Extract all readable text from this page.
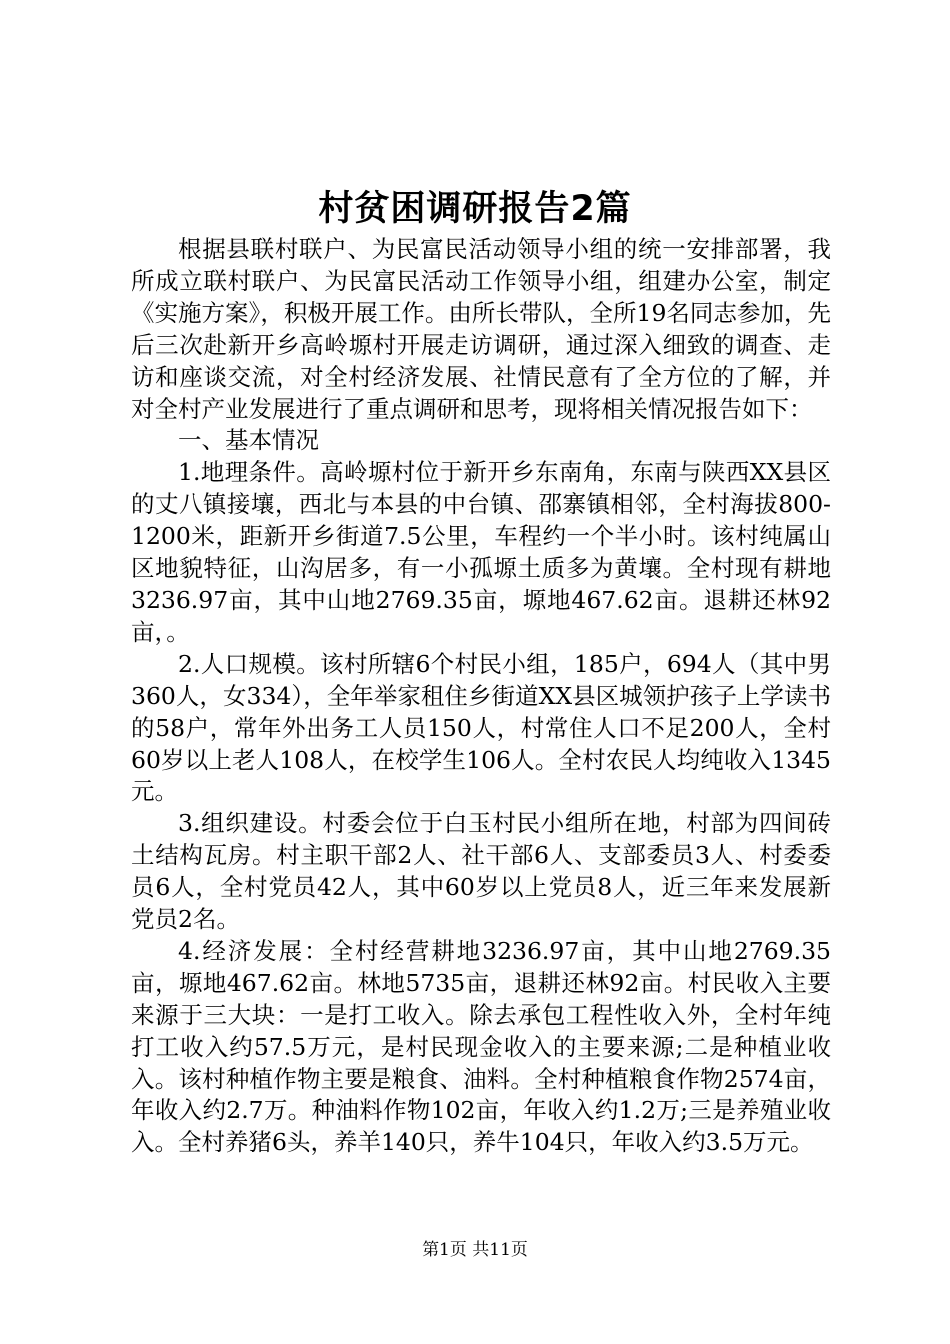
村贫困调研报告2篇

根据县联村联户、为民富民活动领导小组的统一安排部署，我所成立联村联户、为民富民活动工作领导小组，组建办公室，制定《实施方案》，积极开展工作。由所长带队，全所19名同志参加，先后三次赴新开乡高岭塬村开展走访调研，通过深入细致的调查、走访和座谈交流，对全村经济发展、社情民意有了全方位的了解，并对全村产业发展进行了重点调研和思考，现将相关情况报告如下：

一、基本情况

1.地理条件。高岭塬村位于新开乡东南角，东南与陕西XX县区的丈八镇接壤，西北与本县的中台镇、邵寨镇相邻，全村海拔800-1200米，距新开乡街道7.5公里，车程约一个半小时。该村纯属山区地貌特征，山沟居多，有一小孤塬土质多为黄壤。全村现有耕地3236.97亩，其中山地2769.35亩，塬地467.62亩。退耕还林92亩，。

2.人口规模。该村所辖6个村民小组，185户，694人（其中男360人，女334），全年举家租住乡街道XX县区城领护孩子上学读书的58户，常年外出务工人员150人，村常住人口不足200人，全村60岁以上老人108人，在校学生106人。全村农民人均纯收入1345元。

3.组织建设。村委会位于白玉村民小组所在地，村部为四间砖土结构瓦房。村主职干部2人、社干部6人、支部委员3人、村委委员6人，全村党员42人，其中60岁以上党员8人，近三年来发展新党员2名。

4.经济发展：全村经营耕地3236.97亩，其中山地2769.35亩，塬地467.62亩。林地5735亩，退耕还林92亩。村民收入主要来源于三大块：一是打工收入。除去承包工程性收入外，全村年纯打工收入约57.5万元，是村民现金收入的主要来源;二是种植业收入。该村种植作物主要是粮食、油料。全村种植粮食作物2574亩，年收入约2.7万。种油料作物102亩，年收入约1.2万;三是养殖业收入。全村养猪6头，养羊140只，养牛104只，年收入约3.5万元。

第1页 共11页
